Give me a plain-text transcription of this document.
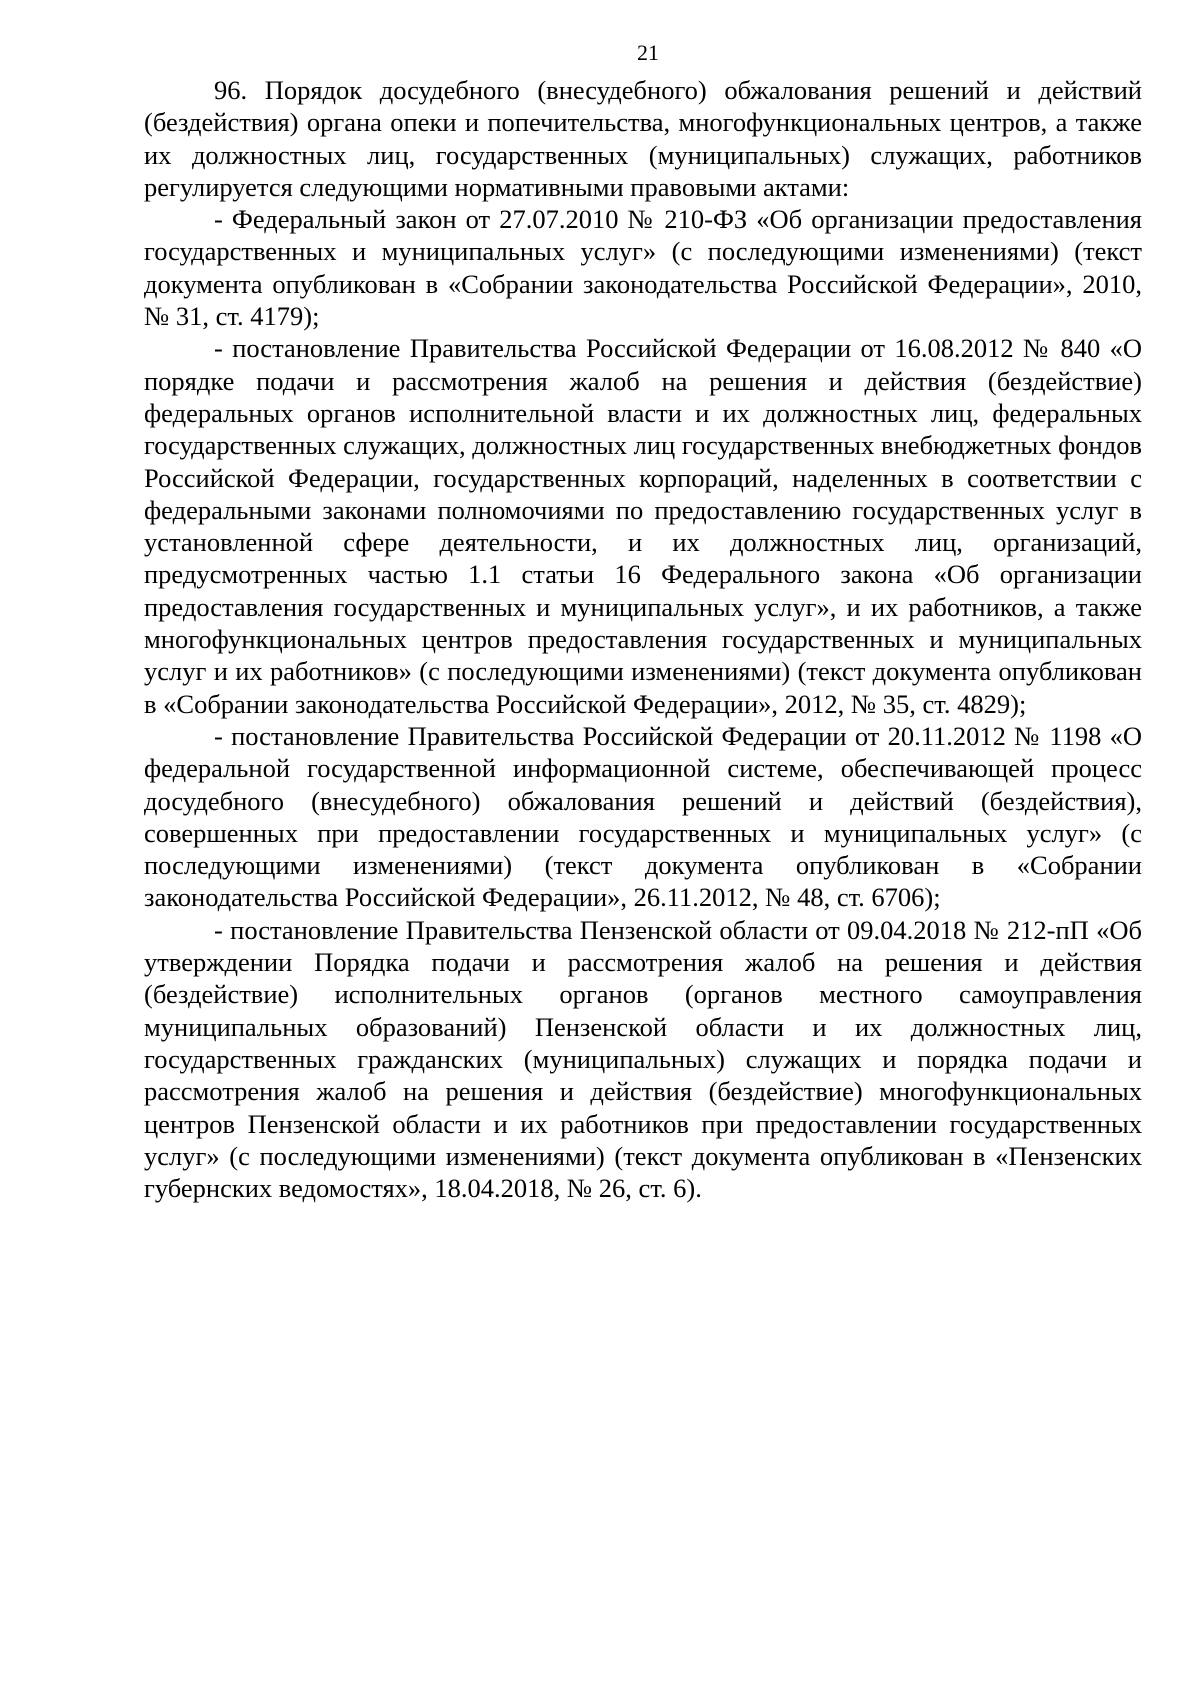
21

96. Порядок досудебного (внесудебного) обжалования решений и действий (бездействия) органа опеки и попечительства, многофункциональных центров, а также их должностных лиц, государственных (муниципальных) служащих, работников регулируется следующими нормативными правовыми актами:

- Федеральный закон от 27.07.2010 № 210-ФЗ «Об организации предоставления государственных и муниципальных услуг» (с последующими изменениями) (текст документа опубликован в «Собрании законодательства Российской Федерации», 2010, № 31, ст. 4179);

- постановление Правительства Российской Федерации от 16.08.2012 № 840 «О порядке подачи и рассмотрения жалоб на решения и действия (бездействие) федеральных органов исполнительной власти и их должностных лиц, федеральных государственных служащих, должностных лиц государственных внебюджетных фондов Российской Федерации, государственных корпораций, наделенных в соответствии с федеральными законами полномочиями по предоставлению государственных услуг в установленной сфере деятельности, и их должностных лиц, организаций, предусмотренных частью 1.1 статьи 16 Федерального закона «Об организации предоставления государственных и муниципальных услуг», и их работников, а также многофункциональных центров предоставления государственных и муниципальных услуг и их работников» (с последующими изменениями) (текст документа опубликован в «Собрании законодательства Российской Федерации», 2012, № 35, ст. 4829);

- постановление Правительства Российской Федерации от 20.11.2012 № 1198 «О федеральной государственной информационной системе, обеспечивающей процесс досудебного (внесудебного) обжалования решений и действий (бездействия), совершенных при предоставлении государственных и муниципальных услуг» (с последующими изменениями) (текст документа опубликован в «Собрании законодательства Российской Федерации», 26.11.2012, № 48, ст. 6706);

- постановление Правительства Пензенской области от 09.04.2018 № 212-пП «Об утверждении Порядка подачи и рассмотрения жалоб на решения и действия (бездействие) исполнительных органов (органов местного самоуправления муниципальных образований) Пензенской области и их должностных лиц, государственных гражданских (муниципальных) служащих и порядка подачи и рассмотрения жалоб на решения и действия (бездействие) многофункциональных центров Пензенской области и их работников при предоставлении государственных услуг» (с последующими изменениями) (текст документа опубликован в «Пензенских губернских ведомостях», 18.04.2018, № 26, ст. 6).
